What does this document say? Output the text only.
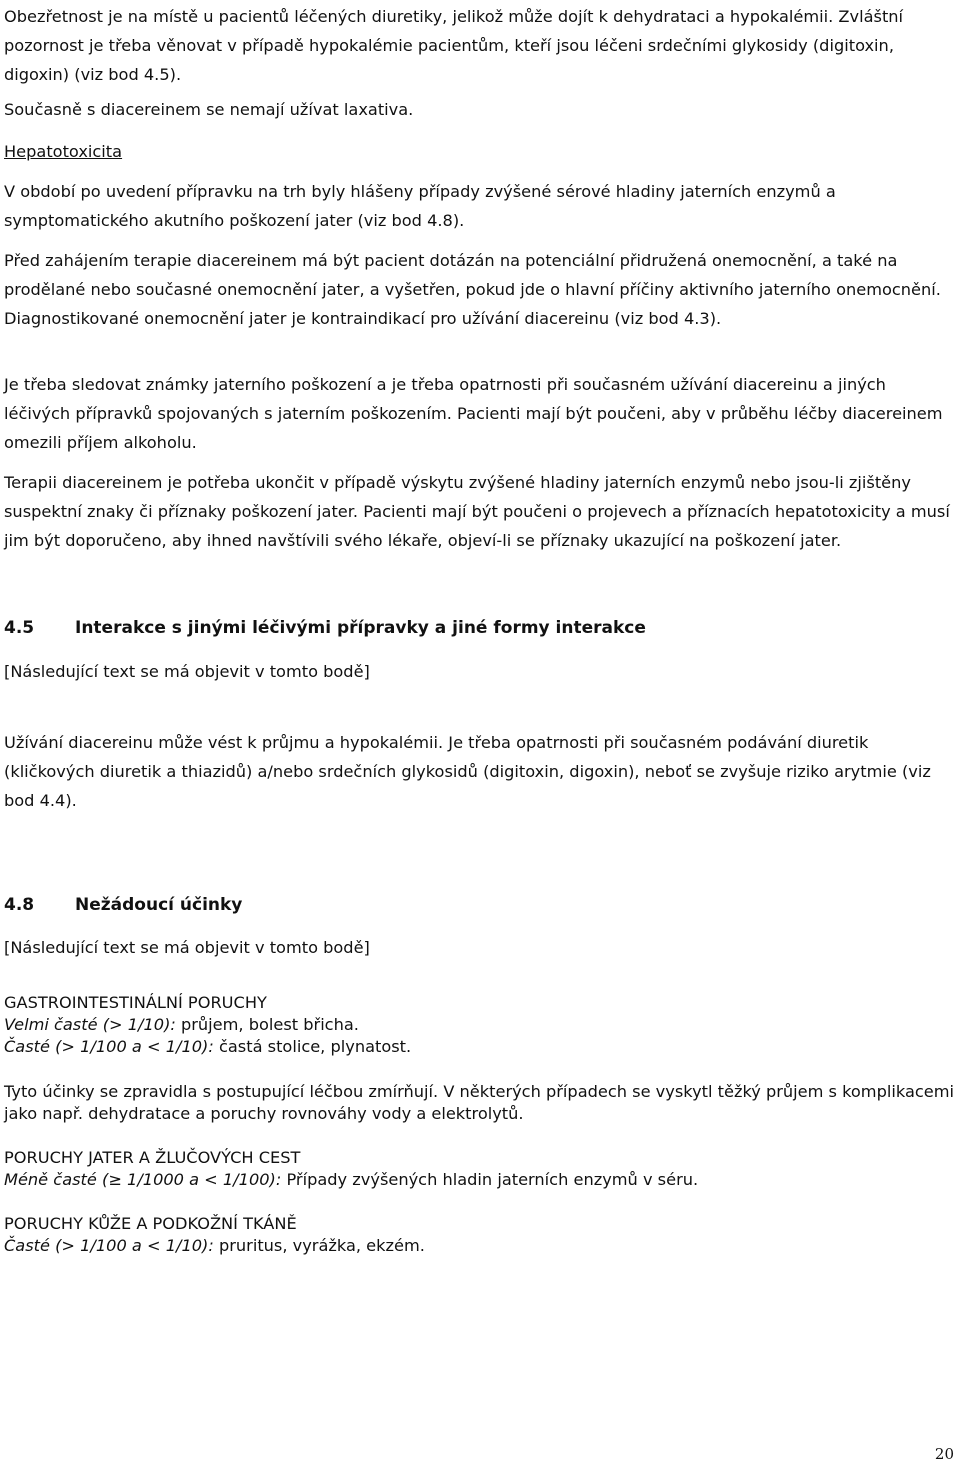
Obezřetnost je na místě u pacientů léčených diuretiky, jelikož může dojít k dehydrataci a hypokalémii. Zvláštní pozornost je třeba věnovat v případě hypokalémie pacientům, kteří jsou léčeni srdečními glykosidy (digitoxin, digoxin) (viz bod 4.5).

Současně s diacereinem se nemají užívat laxativa.

Hepatotoxicita

V období po uvedení přípravku na trh byly hlášeny případy zvýšené sérové hladiny jaterních enzymů a symptomatického akutního poškození jater (viz bod 4.8).

Před zahájením terapie diacereinem má být pacient dotázán na potenciální přidružená onemocnění, a také na prodělané nebo současné onemocnění jater, a vyšetřen, pokud jde o hlavní příčiny aktivního jaterního onemocnění. Diagnostikované onemocnění jater je kontraindikací pro užívání diacereinu (viz bod 4.3).

Je třeba sledovat známky jaterního poškození a je třeba opatrnosti při současném užívání diacereinu a jiných léčivých přípravků spojovaných s jaterním poškozením. Pacienti mají být poučeni, aby v průběhu léčby diacereinem omezili příjem alkoholu.

Terapii diacereinem je potřeba ukončit v případě výskytu zvýšené hladiny jaterních enzymů nebo jsou-li zjištěny suspektní znaky či příznaky poškození jater. Pacienti mají být poučeni o projevech a příznacích hepatotoxicity a musí jim být doporučeno, aby ihned navštívili svého lékaře, objeví-li se příznaky ukazující na poškození jater.

4.5 Interakce s jinými léčivými přípravky a jiné formy interakce

[Následující text se má objevit v tomto bodě]

Užívání diacereinu může vést k průjmu a hypokalémii. Je třeba opatrnosti při současném podávání diuretik (kličkových diuretik a thiazidů) a/nebo srdečních glykosidů (digitoxin, digoxin), neboť se zvyšuje riziko arytmie (viz bod 4.4).

4.8 Nežádoucí účinky

[Následující text se má objevit v tomto bodě]

GASTROINTESTINÁLNÍ PORUCHY

Velmi časté (> 1/10): průjem, bolest břicha.

Časté (> 1/100 a < 1/10): častá stolice, plynatost.

Tyto účinky se zpravidla s postupující léčbou zmírňují. V některých případech se vyskytl těžký průjem s komplikacemi jako např. dehydratace a poruchy rovnováhy vody a elektrolytů.

PORUCHY JATER A ŽLUČOVÝCH CEST

Méně časté (≥ 1/1000 a < 1/100): Případy zvýšených hladin jaterních enzymů v séru.

PORUCHY KŮŽE A PODKOŽNÍ TKÁNĚ

Časté (> 1/100 a < 1/10): pruritus, vyrážka, ekzém.

20
